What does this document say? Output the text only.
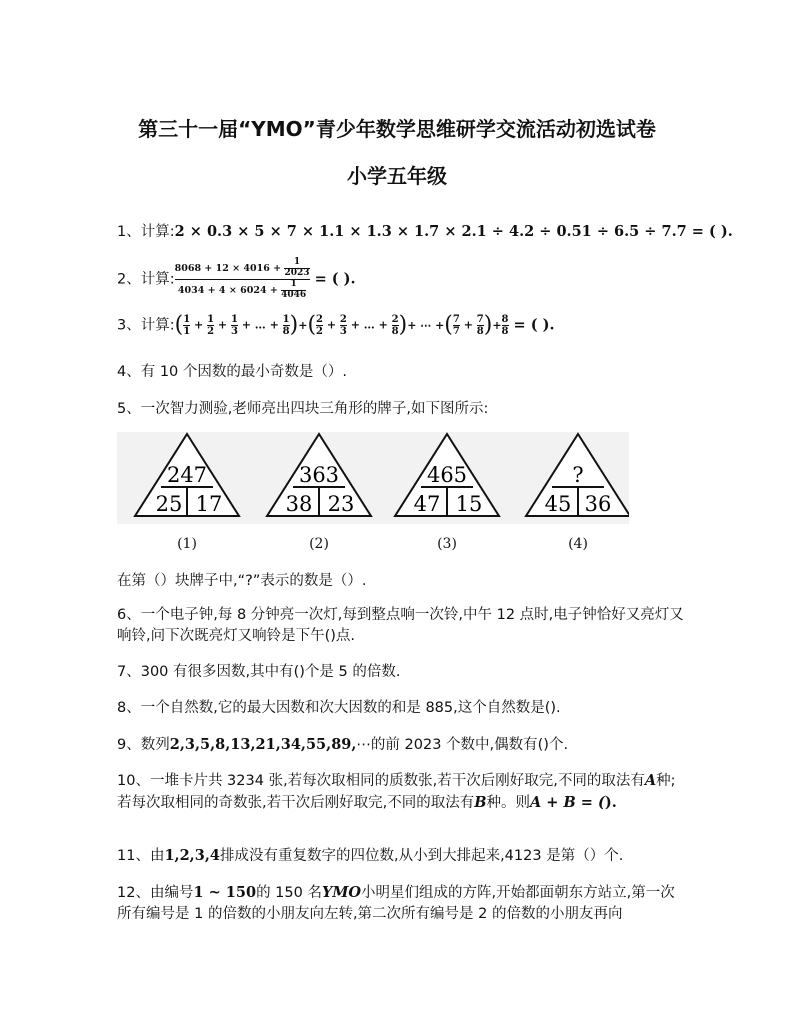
第三十一届“YMO”青少年数学思维研学交流活动初选试卷
小学五年级
1、计算:2 × 0.3 × 5 × 7 × 1.1 × 1.3 × 1.7 × 2.1 ÷ 4.2 ÷ 0.51 ÷ 6.5 ÷ 7.7 = ( ).
2、计算: $\frac{8068 + 12 \times 4016 + \frac{1}{2023}}{4034 + 4 \times 6024 + \frac{1}{4046}}$ = ( ).
3、计算:( $\frac{1}{1} + \frac{1}{2} + \frac{1}{3}$ + … + $\frac{1}{8}$ )+( $\frac{2}{2} + \frac{2}{3}$ + … + $\frac{2}{8}$ )+ ⋯ +( $\frac{7}{7} + \frac{7}{8}$ )+ $\frac{8}{8}$ = ( ).
4、有 10 个因数的最小奇数是（）.
5、一次智力测验,老师亮出四块三角形的牌子,如下图所示:
247
25 17
363
38 23
465
47 15
?
45 36
(1)	(2)	(3)	(4)
在第（）块牌子中,“?”表示的数是（）.
6、一个电子钟,每 8 分钟亮一次灯,每到整点响一次铃,中午 12 点时,电子钟恰好又亮灯又响铃,问下次既亮灯又响铃是下午()点.
7、300 有很多因数,其中有()个是 5 的倍数.
8、一个自然数,它的最大因数和次大因数的和是 885,这个自然数是().
9、数列2,3,5,8,13,21,34,55,89,⋯的前 2023 个数中,偶数有()个.
10、一堆卡片共 3234 张,若每次取相同的质数张,若干次后刚好取完,不同的取法有A种;若每次取相同的奇数张,若干次后刚好取完,不同的取法有B种。则A + B = ().
11、由1,2,3,4排成没有重复数字的四位数,从小到大排起来,4123 是第（）个.
12、由编号1 ~ 150的 150 名YMO小明星们组成的方阵,开始都面朝东方站立,第一次所有编号是 1 的倍数的小朋友向左转,第二次所有编号是 2 的倍数的小朋友再向
